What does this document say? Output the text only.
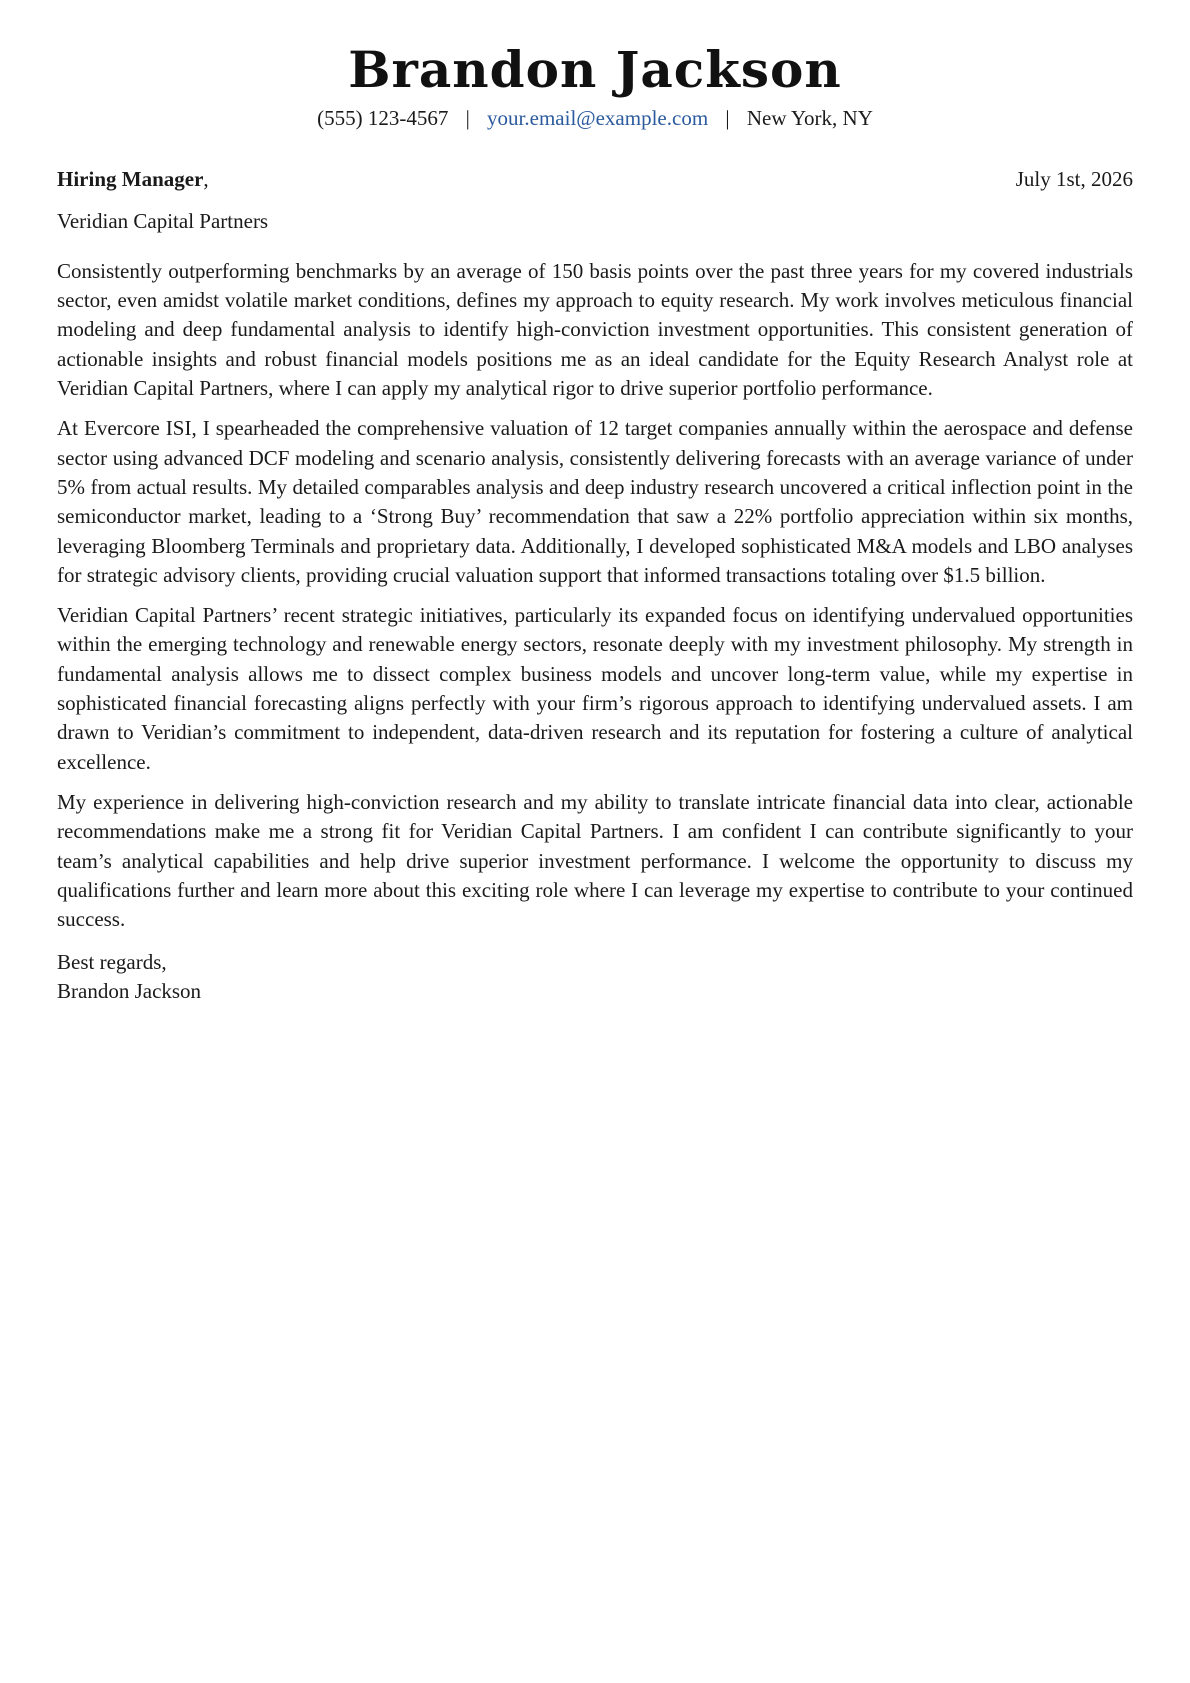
Brandon Jackson
(555) 123-4567 | your.email@example.com | New York, NY
Hiring Manager,	July 1st, 2026
Veridian Capital Partners

Consistently outperforming benchmarks by an average of 150 basis points over the past three years for my covered industrials sector, even amidst volatile market conditions, defines my approach to equity research. My work involves meticulous financial modeling and deep fundamental analysis to identify high-conviction investment opportunities. This consistent generation of actionable insights and robust financial models positions me as an ideal candidate for the Equity Research Analyst role at Veridian Capital Partners, where I can apply my analytical rigor to drive superior portfolio performance.

At Evercore ISI, I spearheaded the comprehensive valuation of 12 target companies annually within the aerospace and defense sector using advanced DCF modeling and scenario analysis, consistently delivering forecasts with an average variance of under 5% from actual results. My detailed comparables analysis and deep industry research uncovered a critical inflection point in the semiconductor market, leading to a ‘Strong Buy’ recommendation that saw a 22% portfolio appreciation within six months, leveraging Bloomberg Terminals and proprietary data. Additionally, I developed sophisticated M&A models and LBO analyses for strategic advisory clients, providing crucial valuation support that informed transactions totaling over $1.5 billion.

Veridian Capital Partners’ recent strategic initiatives, particularly its expanded focus on identifying undervalued opportunities within the emerging technology and renewable energy sectors, resonate deeply with my investment philosophy. My strength in fundamental analysis allows me to dissect complex business models and uncover long-term value, while my expertise in sophisticated financial forecasting aligns perfectly with your firm’s rigorous approach to identifying undervalued assets. I am drawn to Veridian’s commitment to independent, data-driven research and its reputation for fostering a culture of analytical excellence.

My experience in delivering high-conviction research and my ability to translate intricate financial data into clear, actionable recommendations make me a strong fit for Veridian Capital Partners. I am confident I can contribute significantly to your team’s analytical capabilities and help drive superior investment performance. I welcome the opportunity to discuss my qualifications further and learn more about this exciting role where I can leverage my expertise to contribute to your continued success.

Best regards,
Brandon Jackson
